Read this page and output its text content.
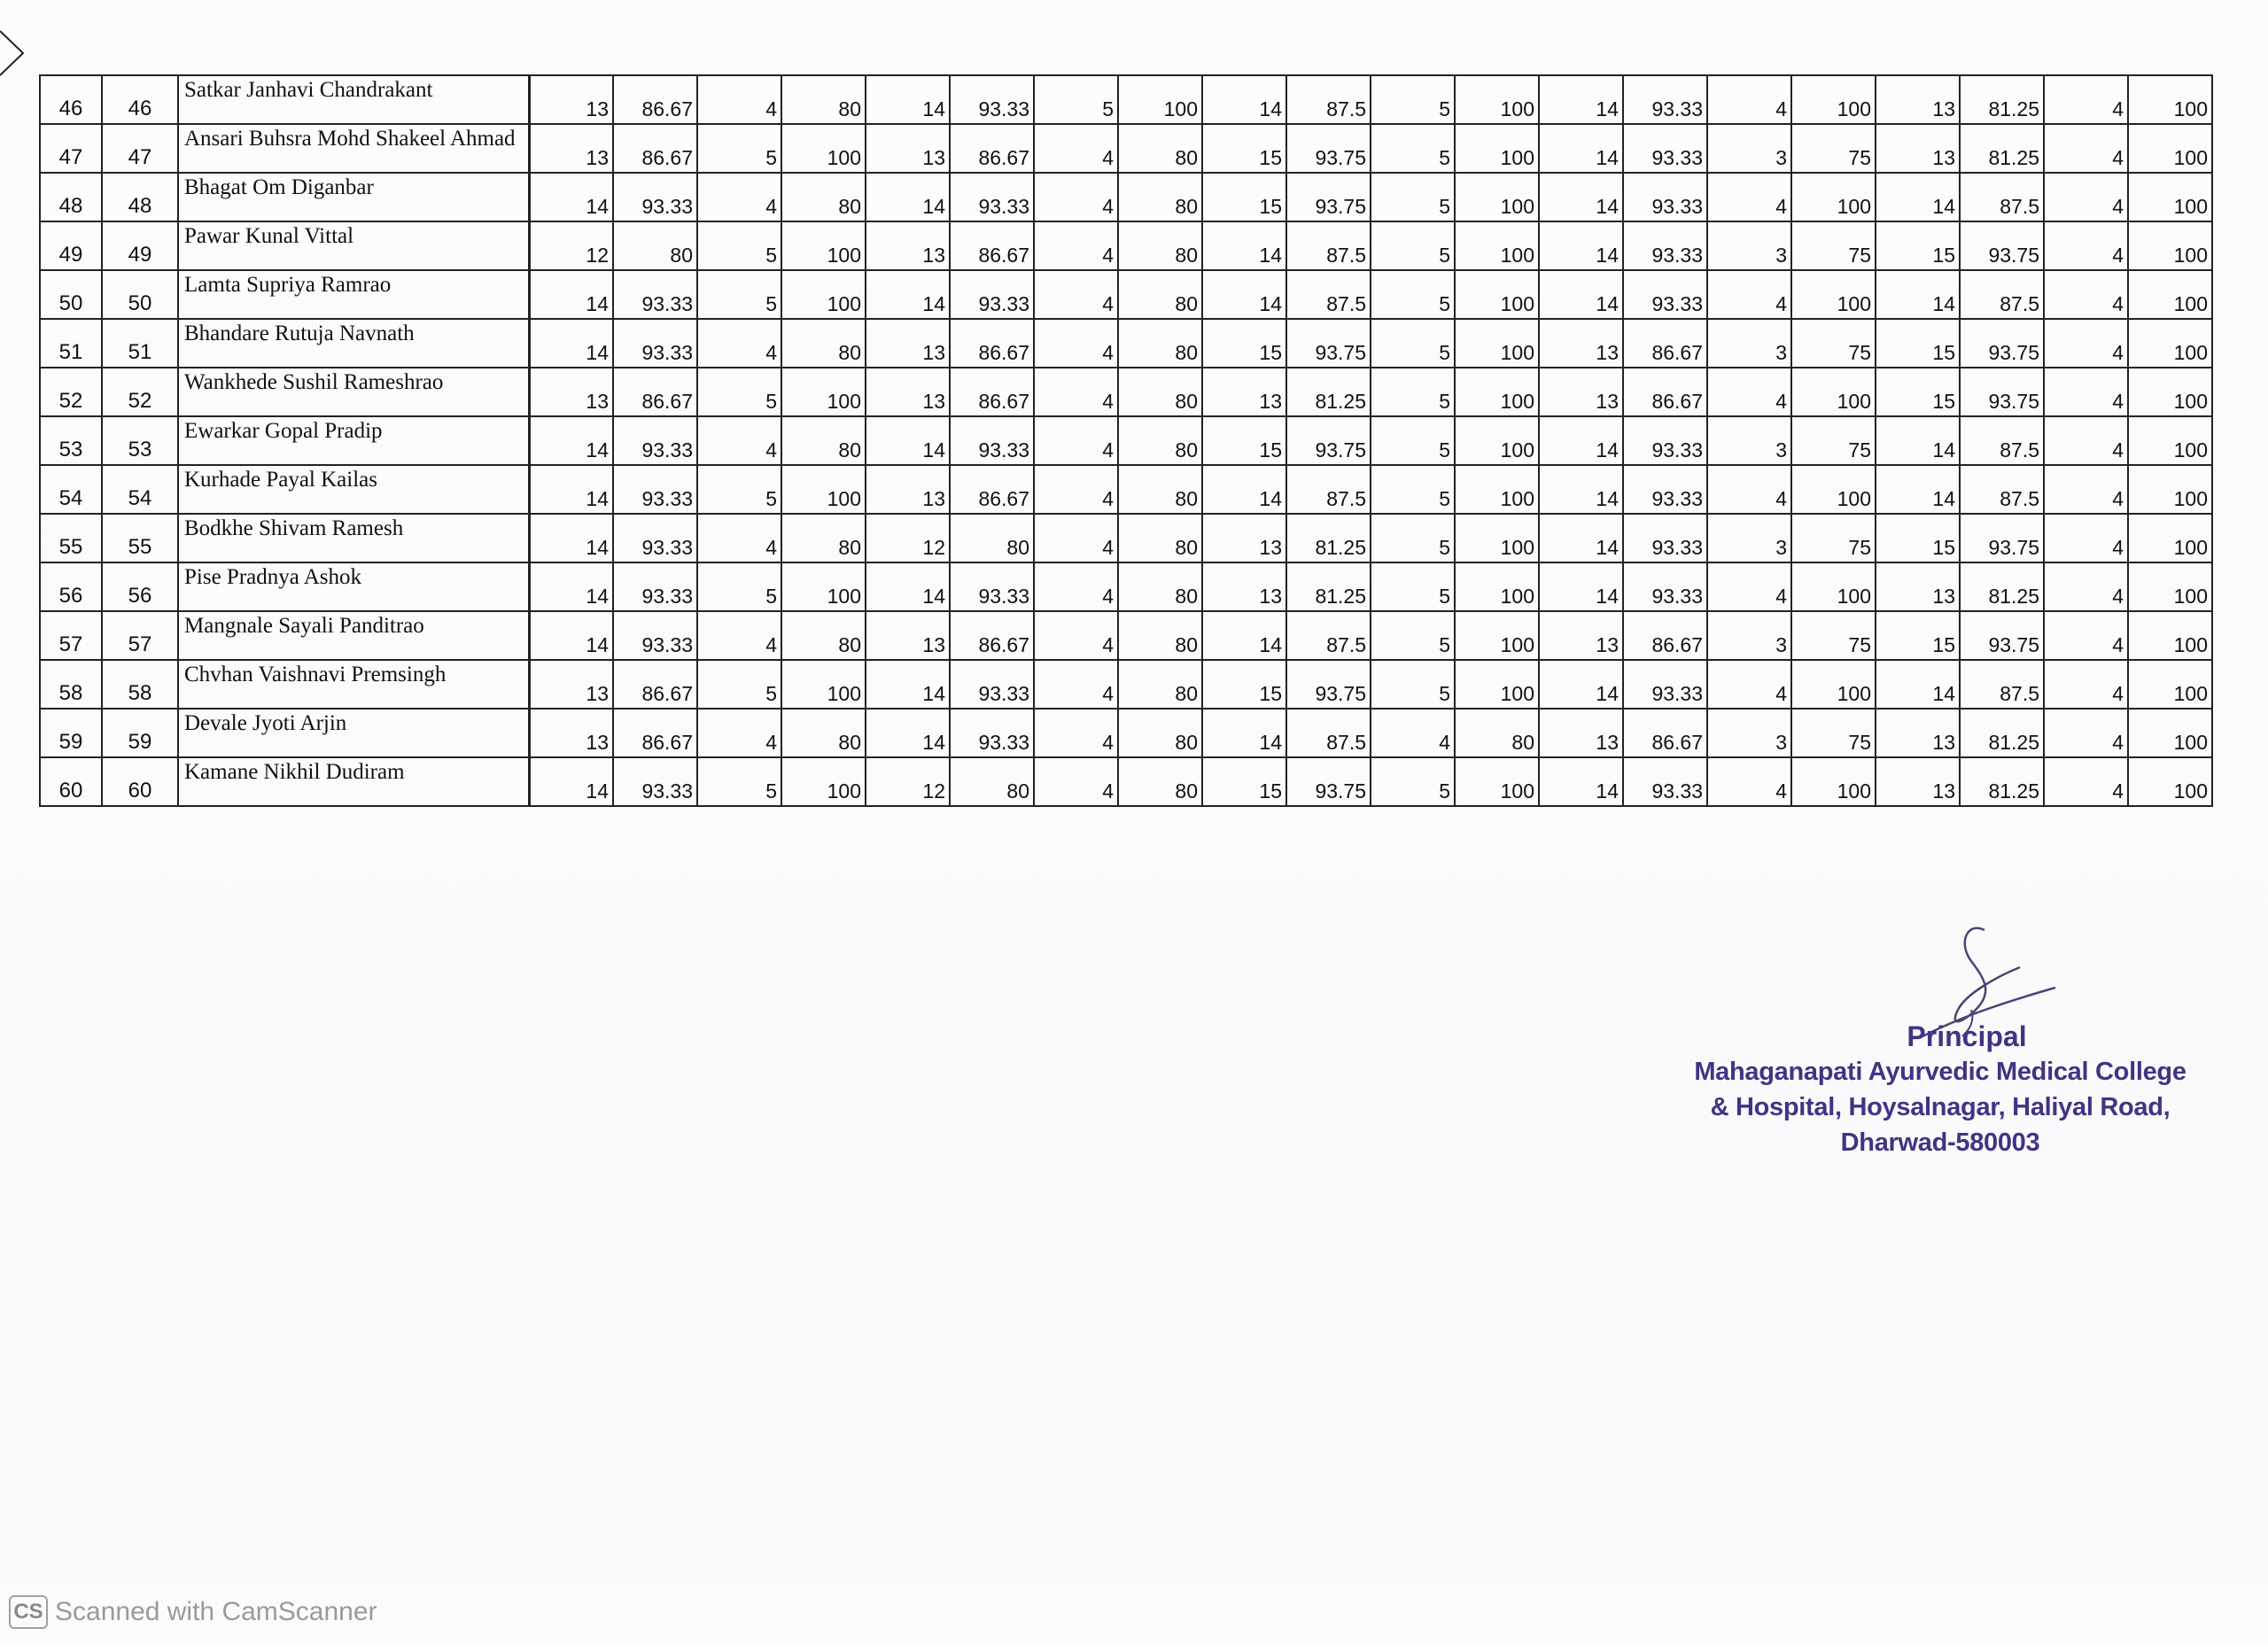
46	46	Satkar Janhavi Chandrakant	13	86.67	4	80	14	93.33	5	100	14	87.5	5	100	14	93.33	4	100	13	81.25	4	100
47	47	Ansari Buhsra Mohd Shakeel Ahmad	13	86.67	5	100	13	86.67	4	80	15	93.75	5	100	14	93.33	3	75	13	81.25	4	100
48	48	Bhagat Om Diganbar	14	93.33	4	80	14	93.33	4	80	15	93.75	5	100	14	93.33	4	100	14	87.5	4	100
49	49	Pawar Kunal Vittal	12	80	5	100	13	86.67	4	80	14	87.5	5	100	14	93.33	3	75	15	93.75	4	100
50	50	Lamta Supriya Ramrao	14	93.33	5	100	14	93.33	4	80	14	87.5	5	100	14	93.33	4	100	14	87.5	4	100
51	51	Bhandare Rutuja Navnath	14	93.33	4	80	13	86.67	4	80	15	93.75	5	100	13	86.67	3	75	15	93.75	4	100
52	52	Wankhede Sushil Rameshrao	13	86.67	5	100	13	86.67	4	80	13	81.25	5	100	13	86.67	4	100	15	93.75	4	100
53	53	Ewarkar Gopal Pradip	14	93.33	4	80	14	93.33	4	80	15	93.75	5	100	14	93.33	3	75	14	87.5	4	100
54	54	Kurhade Payal Kailas	14	93.33	5	100	13	86.67	4	80	14	87.5	5	100	14	93.33	4	100	14	87.5	4	100
55	55	Bodkhe Shivam Ramesh	14	93.33	4	80	12	80	4	80	13	81.25	5	100	14	93.33	3	75	15	93.75	4	100
56	56	Pise Pradnya Ashok	14	93.33	5	100	14	93.33	4	80	13	81.25	5	100	14	93.33	4	100	13	81.25	4	100
57	57	Mangnale Sayali Panditrao	14	93.33	4	80	13	86.67	4	80	14	87.5	5	100	13	86.67	3	75	15	93.75	4	100
58	58	Chvhan Vaishnavi Premsingh	13	86.67	5	100	14	93.33	4	80	15	93.75	5	100	14	93.33	4	100	14	87.5	4	100
59	59	Devale Jyoti Arjin	13	86.67	4	80	14	93.33	4	80	14	87.5	4	80	13	86.67	3	75	13	81.25	4	100
60	60	Kamane Nikhil Dudiram	14	93.33	5	100	12	80	4	80	15	93.75	5	100	14	93.33	4	100	13	81.25	4	100
Principal
Mahaganapati Ayurvedic Medical College
& Hospital, Hoysalnagar, Haliyal Road,
Dharwad-580003
CS Scanned with CamScanner
